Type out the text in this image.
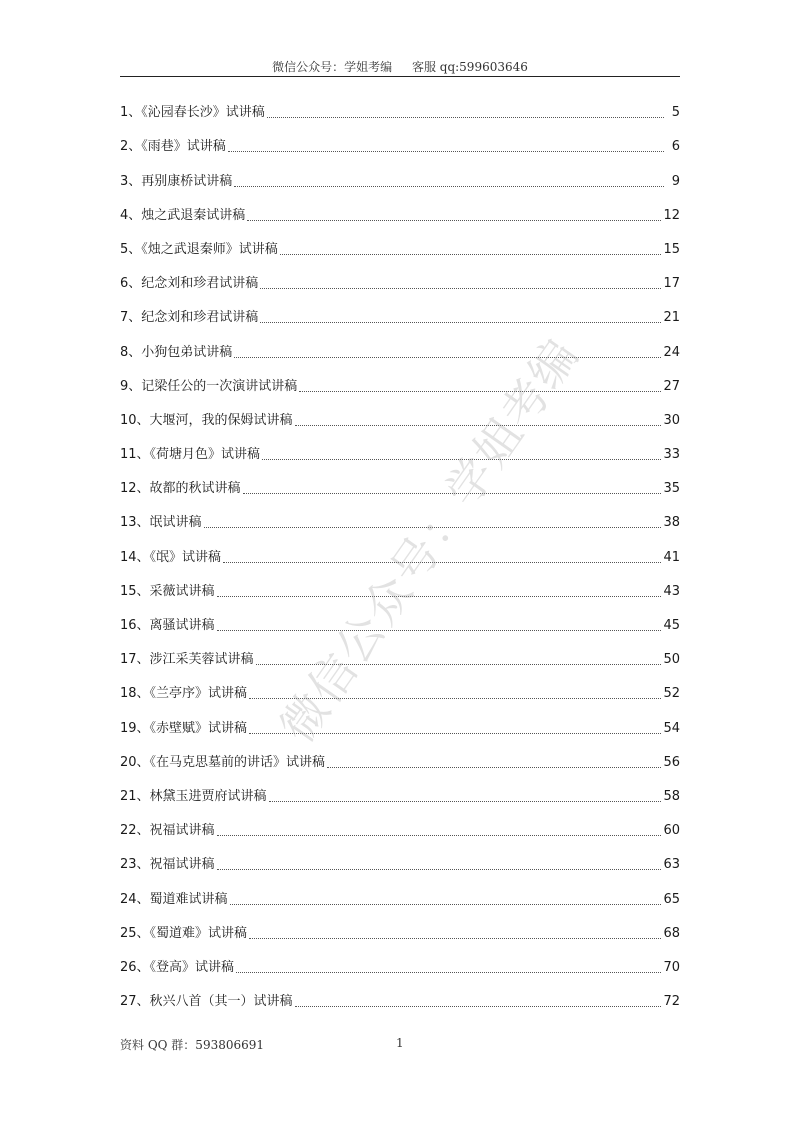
微信公众号：学姐考编 客服 qq:599603646
1、《沁园春长沙》试讲稿	5
2、《雨巷》试讲稿	6
3、再别康桥试讲稿	9
4、烛之武退秦试讲稿	12
5、《烛之武退秦师》试讲稿	15
6、纪念刘和珍君试讲稿	17
7、纪念刘和珍君试讲稿	21
8、小狗包弟试讲稿	24
9、记梁任公的一次演讲试讲稿	27
10、大堰河，我的保姆试讲稿	30
11、《荷塘月色》试讲稿	33
12、故都的秋试讲稿	35
13、氓试讲稿	38
14、《氓》试讲稿	41
15、采薇试讲稿	43
16、离骚试讲稿	45
17、涉江采芙蓉试讲稿	50
18、《兰亭序》试讲稿	52
19、《赤壁赋》试讲稿	54
20、《在马克思墓前的讲话》试讲稿	56
21、林黛玉进贾府试讲稿	58
22、祝福试讲稿	60
23、祝福试讲稿	63
24、蜀道难试讲稿	65
25、《蜀道难》试讲稿	68
26、《登高》试讲稿	70
27、秋兴八首（其一）试讲稿	72
微信公众号：学姐考编
资料 QQ 群：593806691	1
